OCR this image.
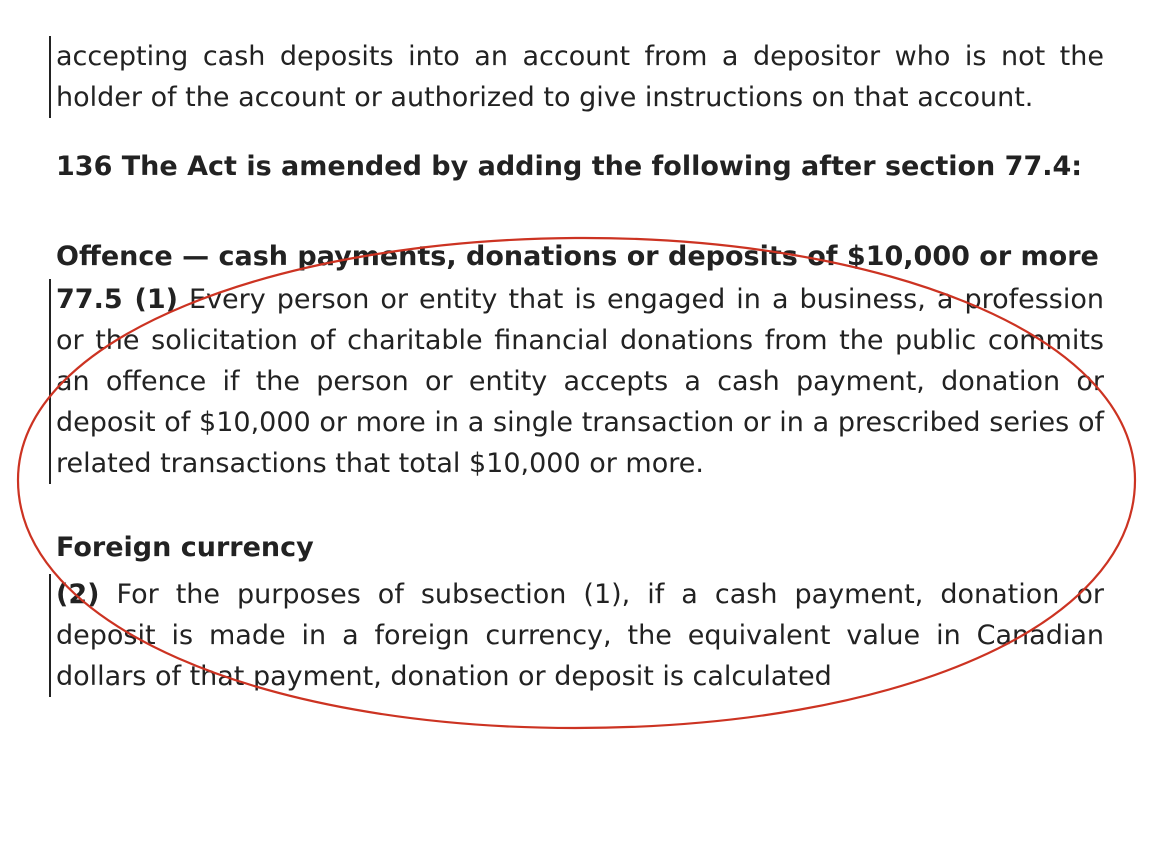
accepting cash deposits into an account from a depositor who is not the holder of the account or authorized to give instructions on that account.

136 The Act is amended by adding the following after section 77.4:

Offence — cash payments, donations or deposits of $10,000 or more

77.5 (1) Every person or entity that is engaged in a business, a profession or the solicitation of charitable financial donations from the public commits an offence if the person or entity accepts a cash payment, donation or deposit of $10,000 or more in a single transaction or in a prescribed series of related transactions that total $10,000 or more.

Foreign currency

(2) For the purposes of subsection (1), if a cash payment, donation or deposit is made in a foreign currency, the equivalent value in Canadian dollars of that payment, donation or deposit is calculated
